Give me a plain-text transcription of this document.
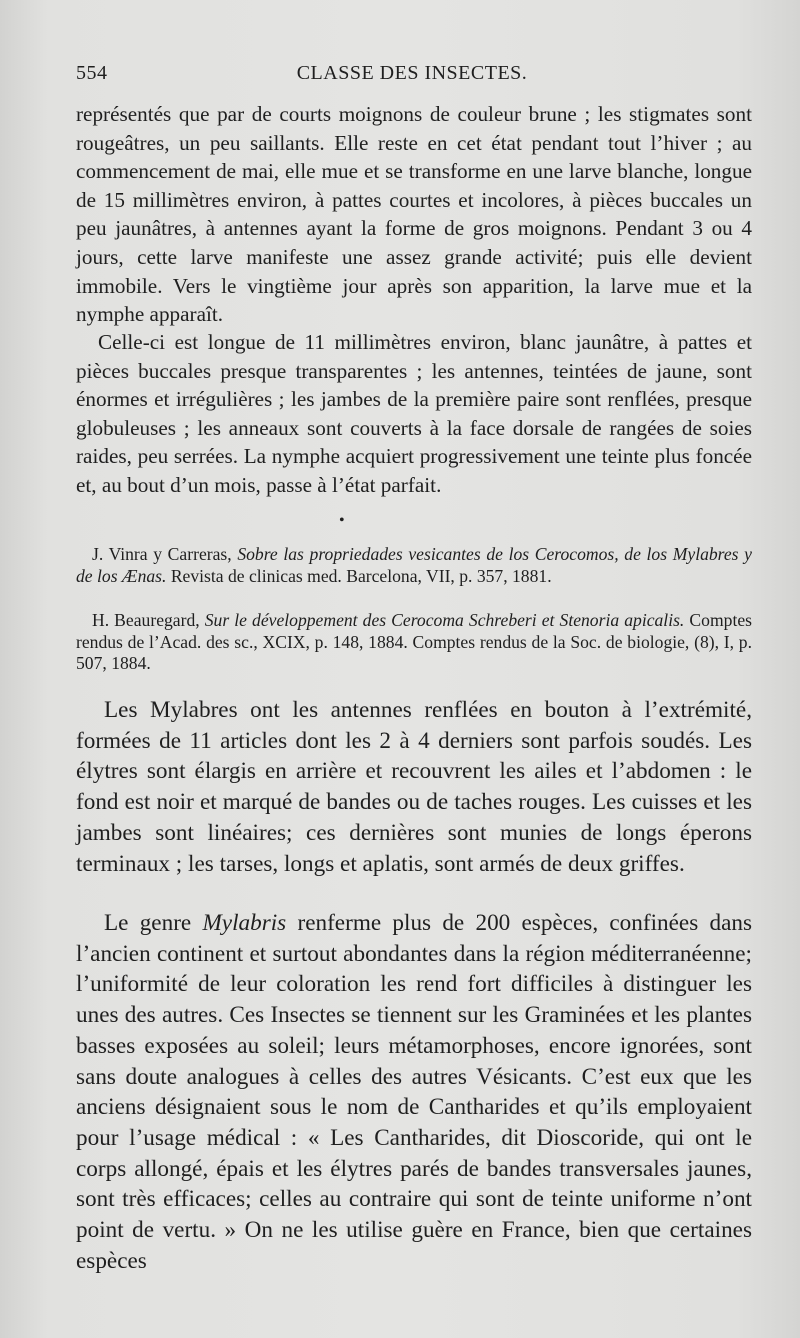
554	CLASSE DES INSECTES.

représentés que par de courts moignons de couleur brune ; les stigmates sont rougeâtres, un peu saillants. Elle reste en cet état pendant tout l’hiver ; au commencement de mai, elle mue et se transforme en une larve blanche, longue de 15 millimètres environ, à pattes courtes et incolores, à pièces buccales un peu jaunâtres, à antennes ayant la forme de gros moignons. Pendant 3 ou 4 jours, cette larve manifeste une assez grande activité; puis elle devient immobile. Vers le vingtième jour après son apparition, la larve mue et la nymphe apparaît.

Celle-ci est longue de 11 millimètres environ, blanc jaunâtre, à pattes et pièces buccales presque transparentes ; les antennes, teintées de jaune, sont énormes et irrégulières ; les jambes de la première paire sont renflées, presque globuleuses ; les anneaux sont couverts à la face dorsale de rangées de soies raides, peu serrées. La nymphe acquiert progressivement une teinte plus foncée et, au bout d’un mois, passe à l’état parfait.

•

J. Vinra y Carreras, Sobre las propriedades vesicantes de los Cerocomos, de los Mylabres y de los Ænas. Revista de clinicas med. Barcelona, VII, p. 357, 1881.

H. Beauregard, Sur le développement des Cerocoma Schreberi et Stenoria apicalis. Comptes rendus de l’Acad. des sc., XCIX, p. 148, 1884. Comptes rendus de la Soc. de biologie, (8), I, p. 507, 1884.

Les Mylabres ont les antennes renflées en bouton à l’extrémité, formées de 11 articles dont les 2 à 4 derniers sont parfois soudés. Les élytres sont élargis en arrière et recouvrent les ailes et l’abdomen : le fond est noir et marqué de bandes ou de taches rouges. Les cuisses et les jambes sont linéaires; ces dernières sont munies de longs éperons terminaux ; les tarses, longs et aplatis, sont armés de deux griffes.

Le genre Mylabris renferme plus de 200 espèces, confinées dans l’ancien continent et surtout abondantes dans la région méditerranéenne; l’uniformité de leur coloration les rend fort difficiles à distinguer les unes des autres. Ces Insectes se tiennent sur les Graminées et les plantes basses exposées au soleil; leurs métamorphoses, encore ignorées, sont sans doute analogues à celles des autres Vésicants. C’est eux que les anciens désignaient sous le nom de Cantharides et qu’ils employaient pour l’usage médical : « Les Cantharides, dit Dioscoride, qui ont le corps allongé, épais et les élytres parés de bandes transversales jaunes, sont très efficaces; celles au contraire qui sont de teinte uniforme n’ont point de vertu. » On ne les utilise guère en France, bien que certaines espèces
